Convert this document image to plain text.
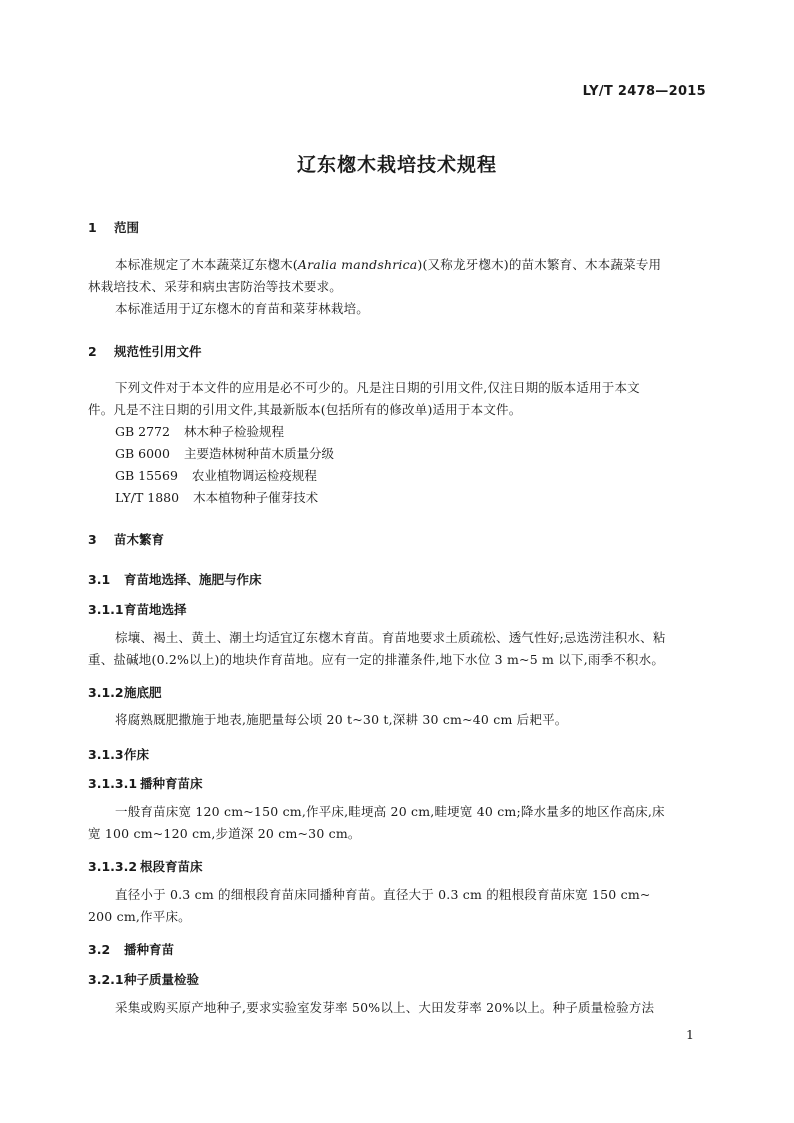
LY/T 2478—2015
辽东楤木栽培技术规程
1 范围
本标准规定了木本蔬菜辽东楤木(Aralia mandshrica)(又称龙牙楤木)的苗木繁育、木本蔬菜专用
林栽培技术、采芽和病虫害防治等技术要求。
本标准适用于辽东楤木的育苗和菜芽林栽培。
2 规范性引用文件
下列文件对于本文件的应用是必不可少的。凡是注日期的引用文件,仅注日期的版本适用于本文
件。凡是不注日期的引用文件,其最新版本(包括所有的修改单)适用于本文件。
GB 2772 林木种子检验规程
GB 6000 主要造林树种苗木质量分级
GB 15569 农业植物调运检疫规程
LY/T 1880 木本植物种子催芽技术
3 苗木繁育
3.1 育苗地选择、施肥与作床
3.1.1育苗地选择
棕壤、褐土、黄土、潮土均适宜辽东楤木育苗。育苗地要求土质疏松、透气性好;忌选涝洼积水、粘
重、盐碱地(0.2%以上)的地块作育苗地。应有一定的排灌条件,地下水位 3 m~5 m 以下,雨季不积水。
3.1.2施底肥
将腐熟厩肥撒施于地表,施肥量每公顷 20 t~30 t,深耕 30 cm~40 cm 后耙平。
3.1.3作床
3.1.3.1 播种育苗床
一般育苗床宽 120 cm~150 cm,作平床,畦埂高 20 cm,畦埂宽 40 cm;降水量多的地区作高床,床
宽 100 cm~120 cm,步道深 20 cm~30 cm。
3.1.3.2 根段育苗床
直径小于 0.3 cm 的细根段育苗床同播种育苗。直径大于 0.3 cm 的粗根段育苗床宽 150 cm~
200 cm,作平床。
3.2 播种育苗
3.2.1种子质量检验
采集或购买原产地种子,要求实验室发芽率 50%以上、大田发芽率 20%以上。种子质量检验方法
1
